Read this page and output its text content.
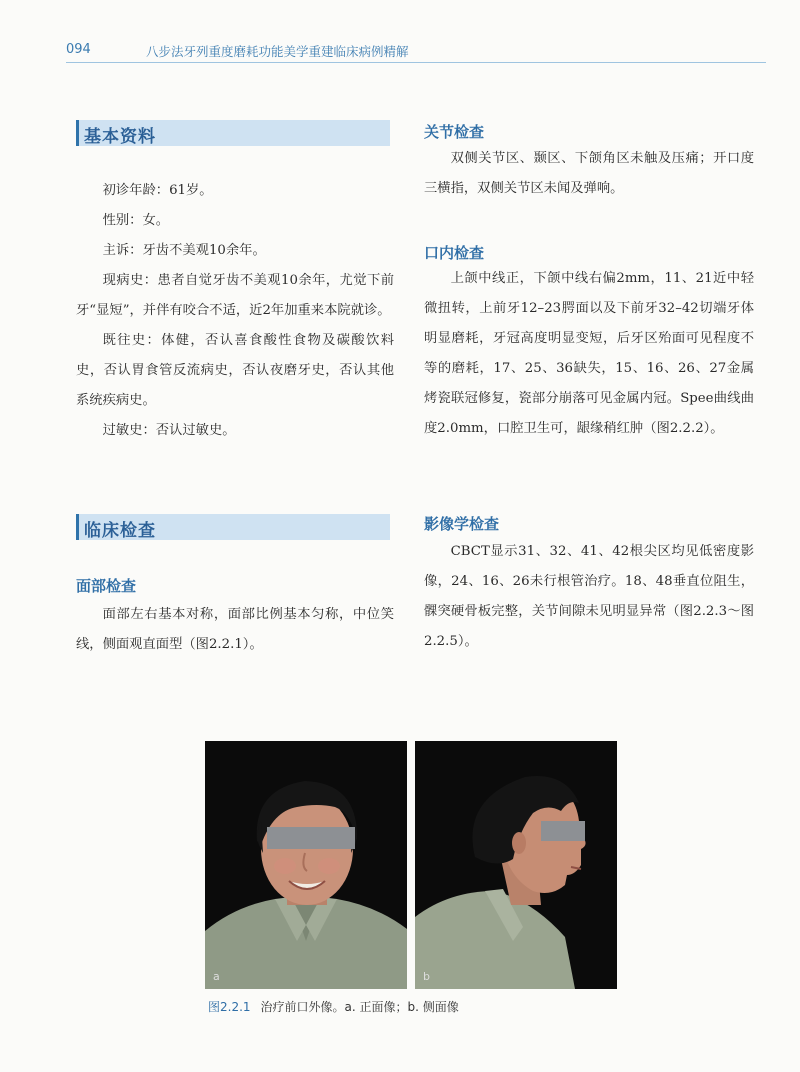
094	八步法牙列重度磨耗功能美学重建临床病例精解
基本资料

初诊年龄：61岁。

性别：女。

主诉：牙齿不美观10余年。

现病史：患者自觉牙齿不美观10余年，尤觉下前牙“显短”，并伴有咬合不适，近2年加重来本院就诊。

既往史：体健，否认喜食酸性食物及碳酸饮料史，否认胃食管反流病史，否认夜磨牙史，否认其他系统疾病史。

过敏史：否认过敏史。

临床检查
面部检查

面部左右基本对称，面部比例基本匀称，中位笑线，侧面观直面型（图2.2.1）。

关节检查

双侧关节区、颞区、下颌角区未触及压痛；开口度三横指，双侧关节区未闻及弹响。

口内检查

上颌中线正，下颌中线右偏2mm，11、21近中轻微扭转，上前牙12–23腭面以及下前牙32–42切端牙体明显磨耗，牙冠高度明显变短，后牙区殆面可见程度不等的磨耗，17、25、36缺失，15、16、26、27金属烤瓷联冠修复，瓷部分崩落可见金属内冠。Spee曲线曲度2.0mm，口腔卫生可，龈缘稍红肿（图2.2.2）。

影像学检查

CBCT显示31、32、41、42根尖区均见低密度影像，24、16、26未行根管治疗。18、48垂直位阻生，髁突硬骨板完整，关节间隙未见明显异常（图2.2.3～图2.2.5）。

a	b
图2.2.1 治疗前口外像。a. 正面像；b. 侧面像
